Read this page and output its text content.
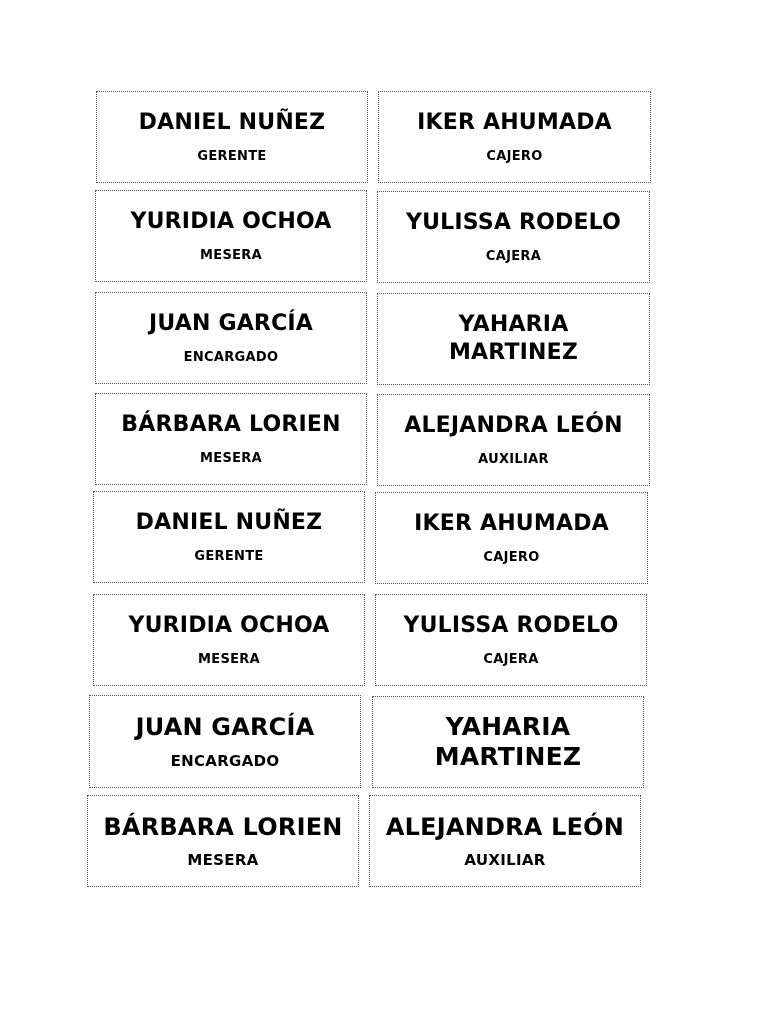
DANIEL NUÑEZ
GERENTE
IKER AHUMADA
CAJERO
YURIDIA OCHOA
MESERA
YULISSA RODELO
CAJERA
JUAN GARCÍA
ENCARGADO
YAHARIA MARTINEZ
BÁRBARA LORIEN
MESERA
ALEJANDRA LEÓN
AUXILIAR
DANIEL NUÑEZ
GERENTE
IKER AHUMADA
CAJERO
YURIDIA OCHOA
MESERA
YULISSA RODELO
CAJERA
JUAN GARCÍA
ENCARGADO
YAHARIA MARTINEZ
BÁRBARA LORIEN
MESERA
ALEJANDRA LEÓN
AUXILIAR
